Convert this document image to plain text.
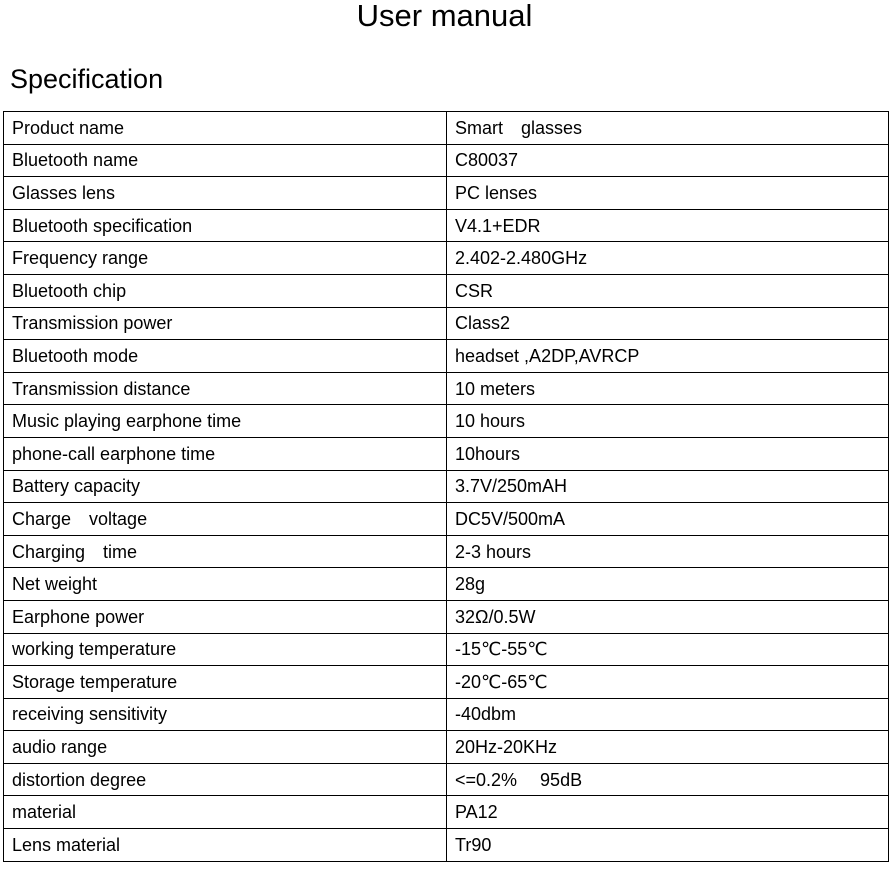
User manual
Specification
Product name	Smart　glasses
Bluetooth name	C80037
Glasses lens	PC lenses
Bluetooth specification	V4.1+EDR
Frequency range	2.402-2.480GHz
Bluetooth chip	CSR
Transmission power	Class2
Bluetooth mode	headset ,A2DP,AVRCP
Transmission distance	10 meters
Music playing earphone time	10 hours
phone-call earphone time	10hours
Battery capacity	3.7V/250mAH
Charge　voltage	DC5V/500mA
Charging　time	2-3 hours
Net weight	28g
Earphone power	32Ω/0.5W
working temperature	-15℃-55℃
Storage temperature	-20℃-65℃
receiving sensitivity	-40dbm
audio range	20Hz-20KHz
distortion degree	<=0.2%　 95dB
material	PA12
Lens material	Tr90
